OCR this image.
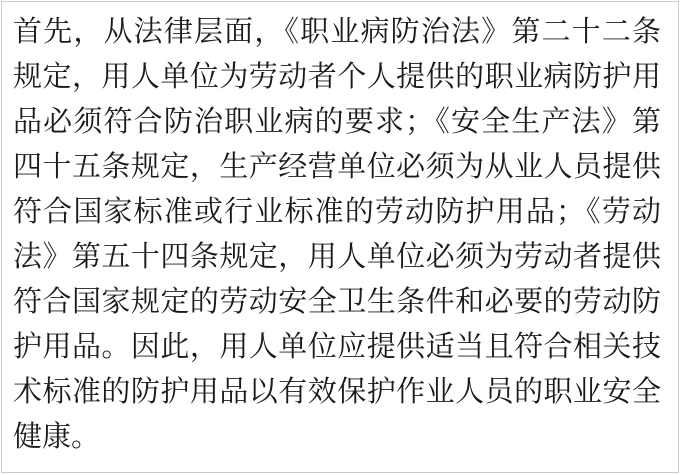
首先，从法律层面，《职业病防治法》第二十二条
规定，用人单位为劳动者个人提供的职业病防护用
品必须符合防治职业病的要求；《安全生产法》第
四十五条规定，生产经营单位必须为从业人员提供
符合国家标准或行业标准的劳动防护用品；《劳动
法》第五十四条规定，用人单位必须为劳动者提供
符合国家规定的劳动安全卫生条件和必要的劳动防
护用品。因此，用人单位应提供适当且符合相关技
术标准的防护用品以有效保护作业人员的职业安全
健康。
